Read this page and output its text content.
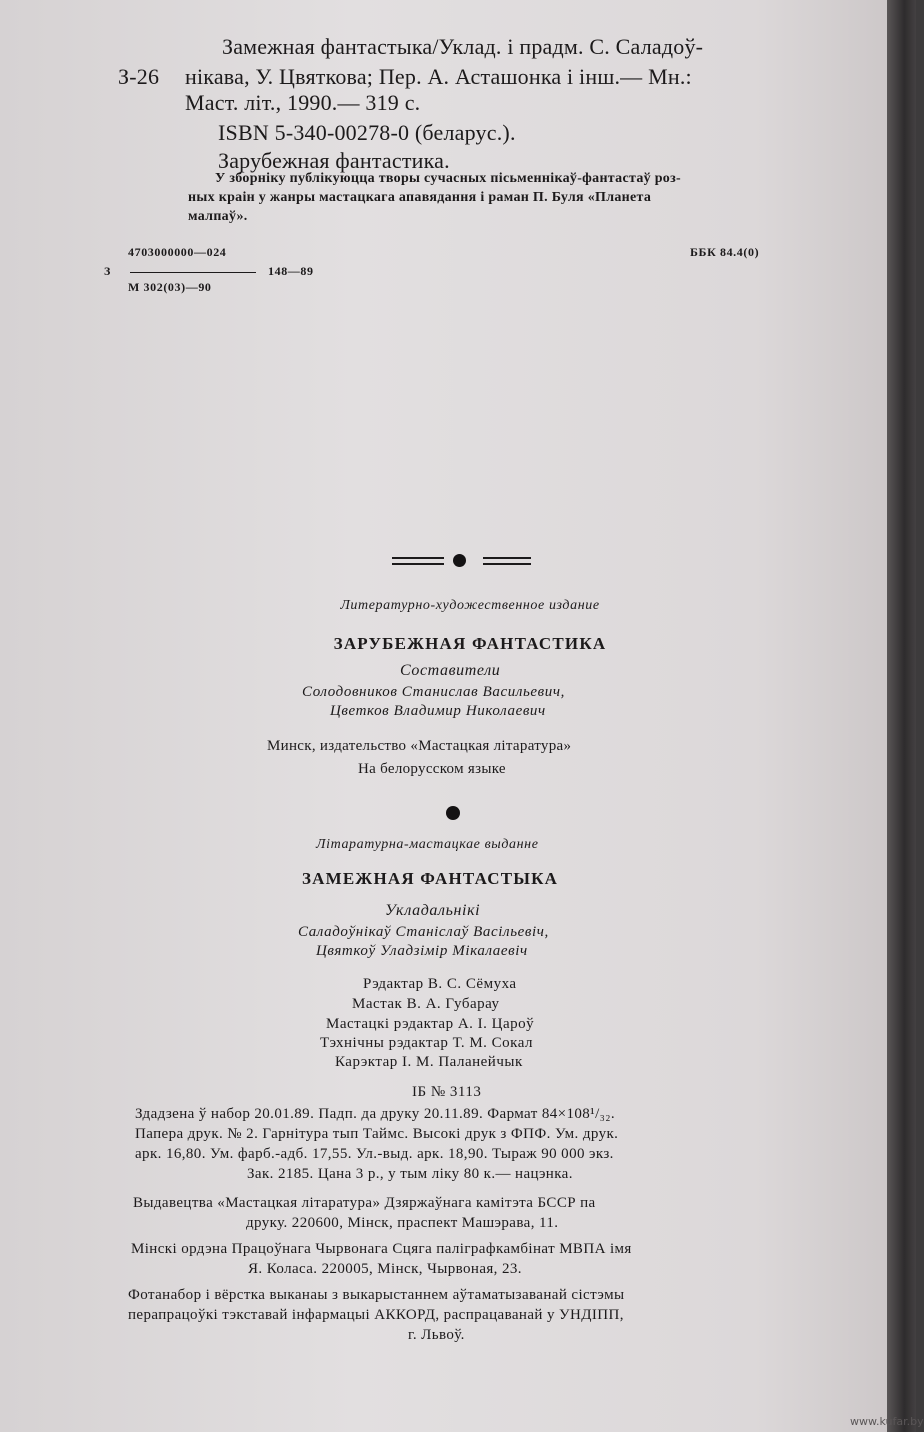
Замежная фантастыка/Уклад. і прадм. С. Саладоў-
З-26 нікава, У. Цвяткова; Пер. А. Асташонка і інш.— Мн.:
Маст. літ., 1990.— 319 с.
ISBN 5-340-00278-0 (беларус.).
Зарубежная фантастика.
У зборніку публікуюцца творы сучасных пісьменнікаў-фантастаў роз-
ных краін у жанры мастацкага апавядання і раман П. Буля «Планета
малпаў».
4703000000—024
З	148—89
М 302(03)—90
ББК 84.4(0)
Литературно-художественное издание
ЗАРУБЕЖНАЯ ФАНТАСТИКА
Составители
Солодовников Станислав Васильевич,
Цветков Владимир Николаевич
Минск, издательство «Мастацкая літаратура»
На белорусском языке
Літаратурна-мастацкае выданне
ЗАМЕЖНАЯ ФАНТАСТЫКА
Укладальнікі
Саладоўнікаў Станіслаў Васільевіч,
Цвяткоў Уладзімір Мікалаевіч
Рэдактар В. С. Сёмуха
Мастак В. А. Губарау
Мастацкі рэдактар А. І. Цароў
Тэхнічны рэдактар Т. М. Сокал
Карэктар І. М. Паланейчык
ІБ № 3113
Здадзена ў набор 20.01.89. Падп. да друку 20.11.89. Фармат 84×108¹/₃₂.
Папера друк. № 2. Гарнітура тып Таймс. Высокі друк з ФПФ. Ум. друк.
арк. 16,80. Ум. фарб.-адб. 17,55. Ул.-выд. арк. 18,90. Тыраж 90 000 экз.
Зак. 2185. Цана 3 р., у тым ліку 80 к.— нацэнка.
Выдавецтва «Мастацкая літаратура» Дзяржаўнага камітэта БССР па
друку. 220600, Мінск, праспект Машэрава, 11.
Мінскі ордэна Працоўнага Чырвонага Сцяга паліграфкамбінат МВПА імя
Я. Коласа. 220005, Мінск, Чырвоная, 23.
Фотанабор і вёрстка выканаы з выкарыстаннем аўтаматызаванай сістэмы
перапрацоўкі тэкставай інфармацыі АККОРД, распрацаванай у УНДІПП,
г. Львоў.
www.kufar.by
